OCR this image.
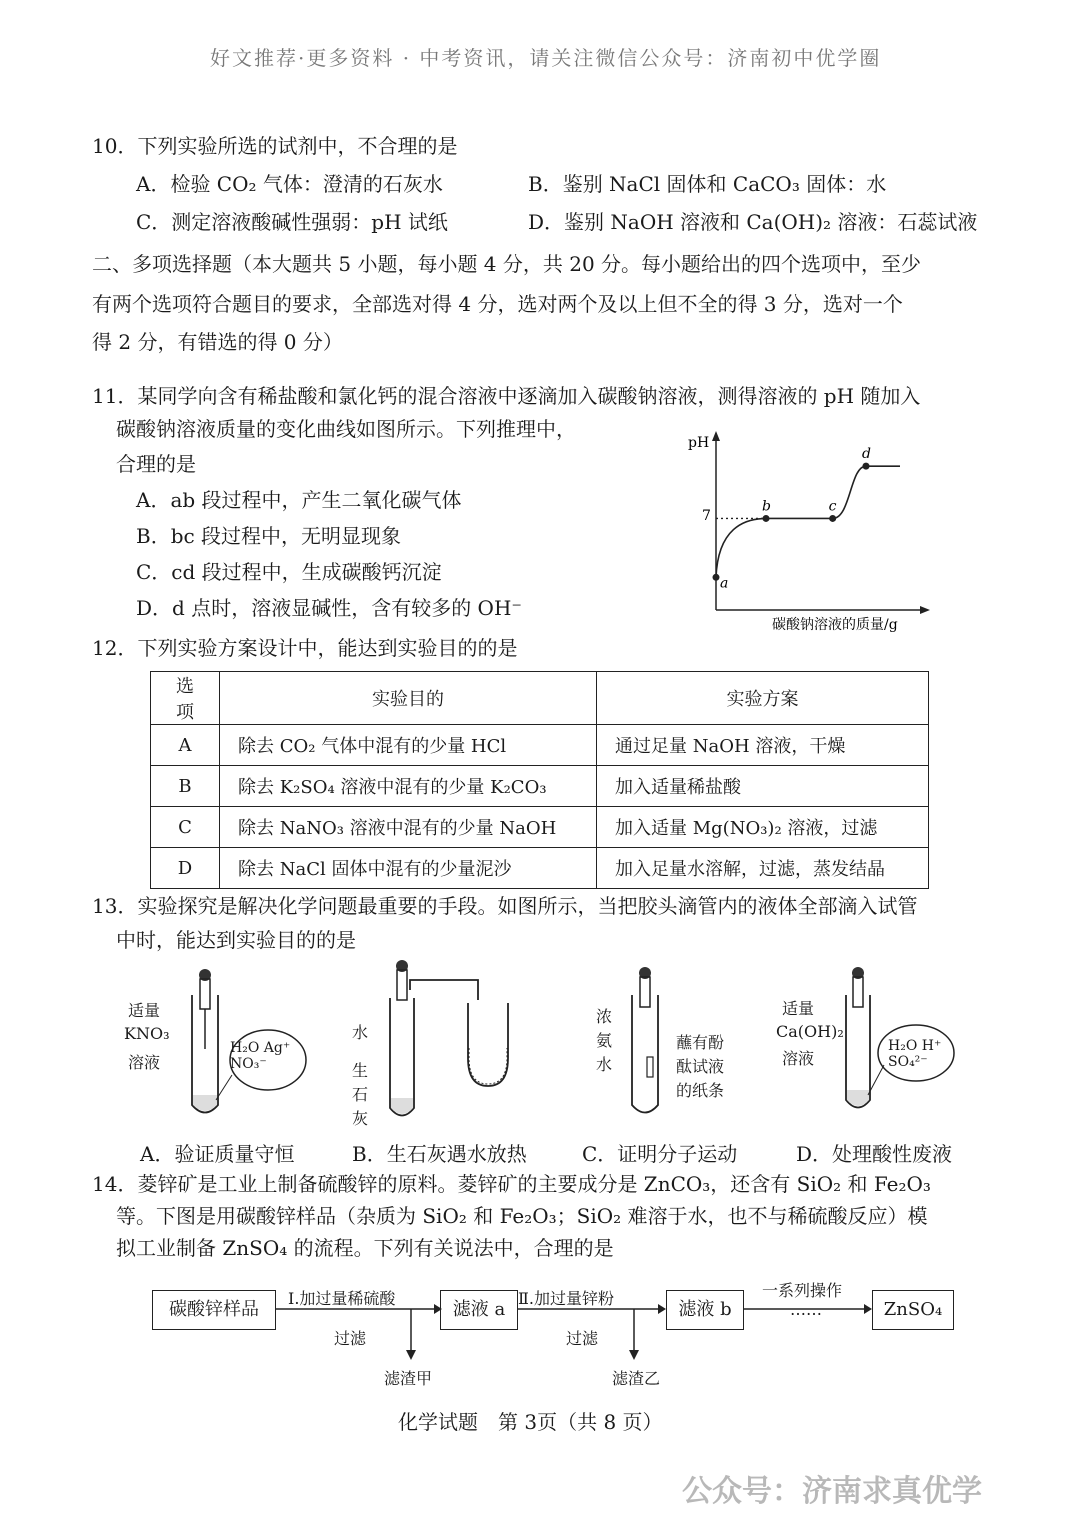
好文推荐·更多资料 · 中考资讯，请关注微信公众号：济南初中优学圈
10．下列实验所选的试剂中，不合理的是
A．检验 CO₂ 气体：澄清的石灰水	B．鉴别 NaCl 固体和 CaCO₃ 固体：水
C．测定溶液酸碱性强弱：pH 试纸	D．鉴别 NaOH 溶液和 Ca(OH)₂ 溶液：石蕊试液
二、多项选择题（本大题共 5 小题，每小题 4 分，共 20 分。每小题给出的四个选项中，至少
有两个选项符合题目的要求，全部选对得 4 分，选对两个及以上但不全的得 3 分，选对一个
得 2 分，有错选的得 0 分）
11．某同学向含有稀盐酸和氯化钙的混合溶液中逐滴加入碳酸钠溶液，测得溶液的 pH 随加入
碳酸钠溶液质量的变化曲线如图所示。下列推理中，
合理的是
A．ab 段过程中，产生二氧化碳气体
B．bc 段过程中，无明显现象
C．cd 段过程中，生成碳酸钙沉淀
D．d 点时，溶液显碱性，含有较多的 OH⁻
pH
碳酸钠溶液的质量/g
7
a
b	c
d
12．下列实验方案设计中，能达到实验目的的是
选 项	实验目的	实验方案
A	除去 CO₂ 气体中混有的少量 HCl	通过足量 NaOH 溶液，干燥
B	除去 K₂SO₄ 溶液中混有的少量 K₂CO₃	加入适量稀盐酸
C	除去 NaNO₃ 溶液中混有的少量 NaOH	加入适量 Mg(NO₃)₂ 溶液，过滤
D	除去 NaCl 固体中混有的少量泥沙	加入足量水溶解，过滤，蒸发结晶
13．实验探究是解决化学问题最重要的手段。如图所示，当把胶头滴管内的液体全部滴入试管
中时，能达到实验目的的是
适量
KNO₃
溶液
H₂O Ag⁺ NO₃⁻
水
生
石
灰
浓
氨
水
蘸有酚
酞试液
的纸条
适量
Ca(OH)₂
溶液
H₂O H⁺ SO₄²⁻
A．验证质量守恒	B．生石灰遇水放热	C．证明分子运动	D．处理酸性废液
14．菱锌矿是工业上制备硫酸锌的原料。菱锌矿的主要成分是 ZnCO₃，还含有 SiO₂ 和 Fe₂O₃
等。下图是用碳酸锌样品（杂质为 SiO₂ 和 Fe₂O₃；SiO₂ 难溶于水，也不与稀硫酸反应）模
拟工业制备 ZnSO₄ 的流程。下列有关说法中，合理的是
碳酸锌样品	滤液 a	滤液 b	ZnSO₄
Ⅰ.加过量稀硫酸
过滤
滤渣甲
Ⅱ.加过量锌粉
过滤
滤渣乙
一系列操作
……
化学试题　第 3页（共 8 页）
公众号：济南求真优学
